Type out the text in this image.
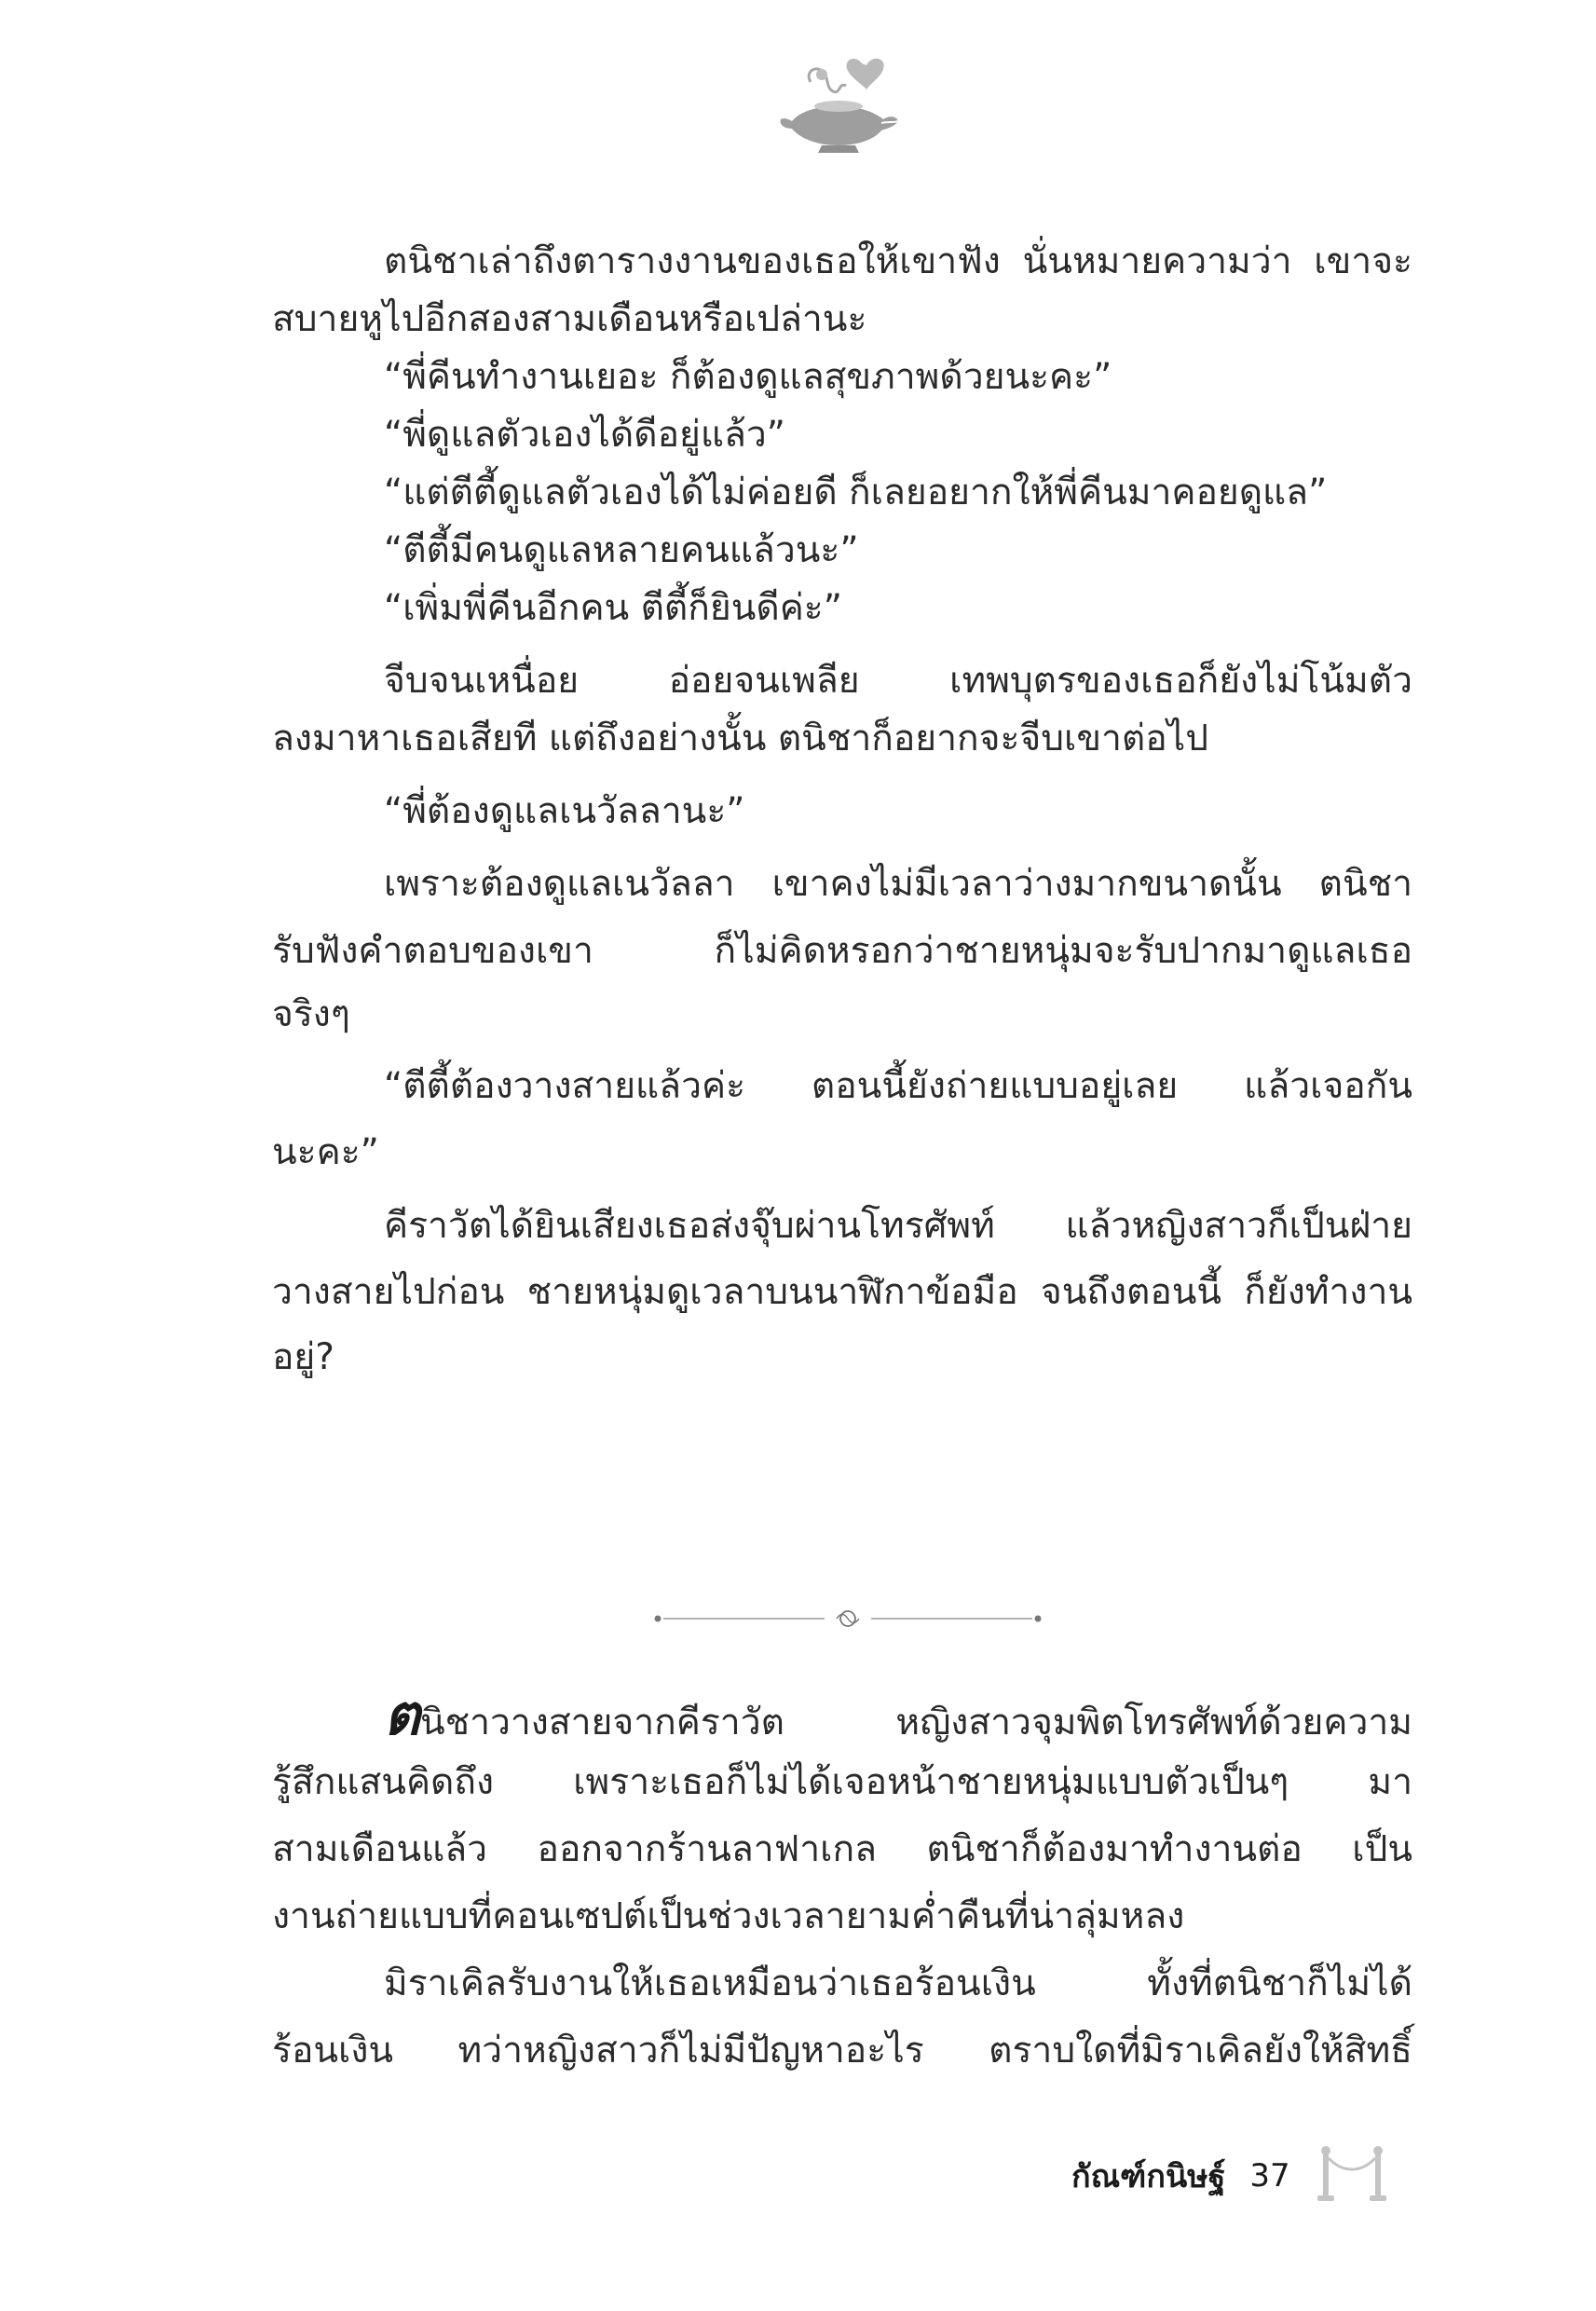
ตนิชาเล่าถึงตารางงานของเธอให้เขาฟัง นั่นหมายความว่า เขาจะ
สบายหูไปอีกสองสามเดือนหรือเปล่านะ
“พี่คีนทำงานเยอะ ก็ต้องดูแลสุขภาพด้วยนะคะ”
“พี่ดูแลตัวเองได้ดีอยู่แล้ว”
“แต่ตีตี้ดูแลตัวเองได้ไม่ค่อยดี ก็เลยอยากให้พี่คีนมาคอยดูแล”
“ตีตี้มีคนดูแลหลายคนแล้วนะ”
“เพิ่มพี่คีนอีกคน ตีตี้ก็ยินดีค่ะ”
จีบจนเหนื่อย อ่อยจนเพลีย เทพบุตรของเธอก็ยังไม่โน้มตัว
ลงมาหาเธอเสียที แต่ถึงอย่างนั้น ตนิชาก็อยากจะจีบเขาต่อไป
“พี่ต้องดูแลเนวัลลานะ”
เพราะต้องดูแลเนวัลลา เขาคงไม่มีเวลาว่างมากขนาดนั้น ตนิชา
รับฟังคำตอบของเขา ก็ไม่คิดหรอกว่าชายหนุ่มจะรับปากมาดูแลเธอ
จริงๆ
“ตีตี้ต้องวางสายแล้วค่ะ ตอนนี้ยังถ่ายแบบอยู่เลย แล้วเจอกัน
นะคะ”
คีราวัตได้ยินเสียงเธอส่งจุ๊บผ่านโทรศัพท์ แล้วหญิงสาวก็เป็นฝ่าย
วางสายไปก่อน ชายหนุ่มดูเวลาบนนาฬิกาข้อมือ จนถึงตอนนี้ ก็ยังทำงาน
อยู่?
ตนิชาวางสายจากคีราวัต หญิงสาวจุมพิตโทรศัพท์ด้วยความ
รู้สึกแสนคิดถึง เพราะเธอก็ไม่ได้เจอหน้าชายหนุ่มแบบตัวเป็นๆ มา
สามเดือนแล้ว ออกจากร้านลาฟาเกล ตนิชาก็ต้องมาทำงานต่อ เป็น
งานถ่ายแบบที่คอนเซปต์เป็นช่วงเวลายามค่ำคืนที่น่าลุ่มหลง
มิราเคิลรับงานให้เธอเหมือนว่าเธอร้อนเงิน ทั้งที่ตนิชาก็ไม่ได้
ร้อนเงิน ทว่าหญิงสาวก็ไม่มีปัญหาอะไร ตราบใดที่มิราเคิลยังให้สิทธิ์
กัณฑ์กนิษฐ์ 37
